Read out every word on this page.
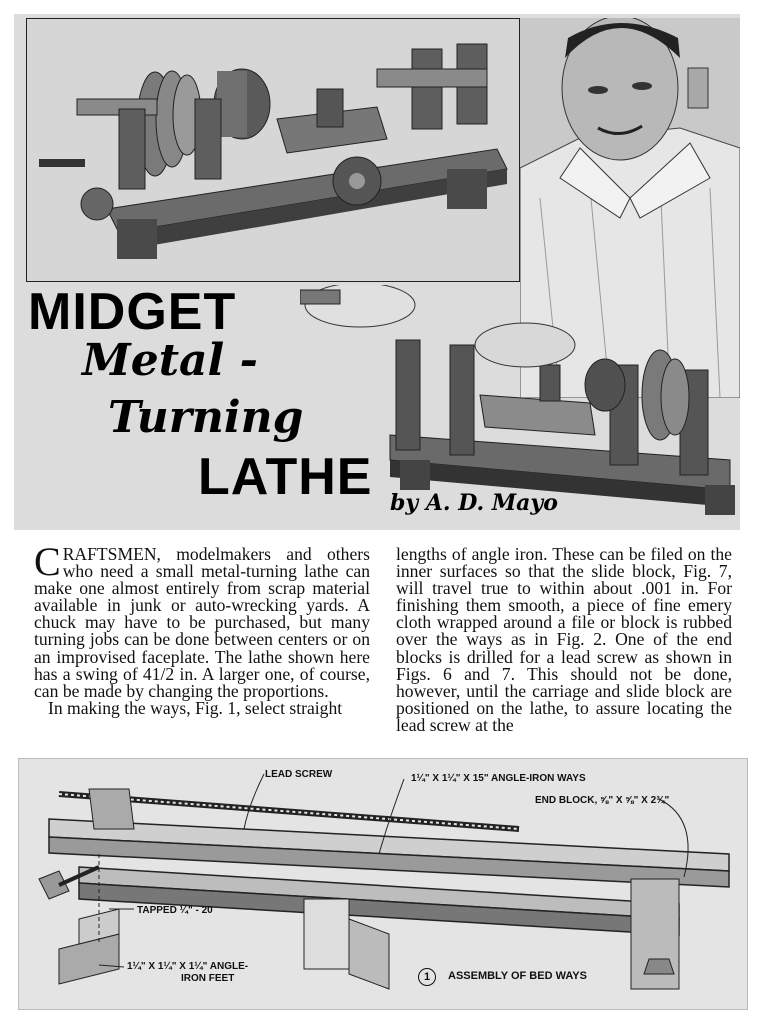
MIDGET
Metal -
Turning
LATHE by A. D. Mayo

CRAFTSMEN, modelmakers and others who need a small metal-turning lathe can make one almost entirely from scrap material available in junk or auto-wrecking yards. A chuck may have to be purchased, but many turning jobs can be done between centers or on an improvised faceplate. The lathe shown here has a swing of 41/2 in. A larger one, of course, can be made by changing the proportions.

In making the ways, Fig. 1, select straight

lengths of angle iron. These can be filed on the inner surfaces so that the slide block, Fig. 7, will travel true to within about .001 in. For finishing them smooth, a piece of fine emery cloth wrapped around a file or block is rubbed over the ways as in Fig. 2. One of the end blocks is drilled for a lead screw as shown in Figs. 6 and 7. This should not be done, however, until the carriage and slide block are positioned on the lathe, to assure locating the lead screw at the

LEAD SCREW	1¼" X 1¼" X 15" ANGLE-IRON WAYS
END BLOCK, ⅝" X ⅝" X 2¾"
TAPPED ¼" - 20
1¼" X 1¼" X 1¼" ANGLE-
IRON FEET	1	ASSEMBLY OF BED WAYS
